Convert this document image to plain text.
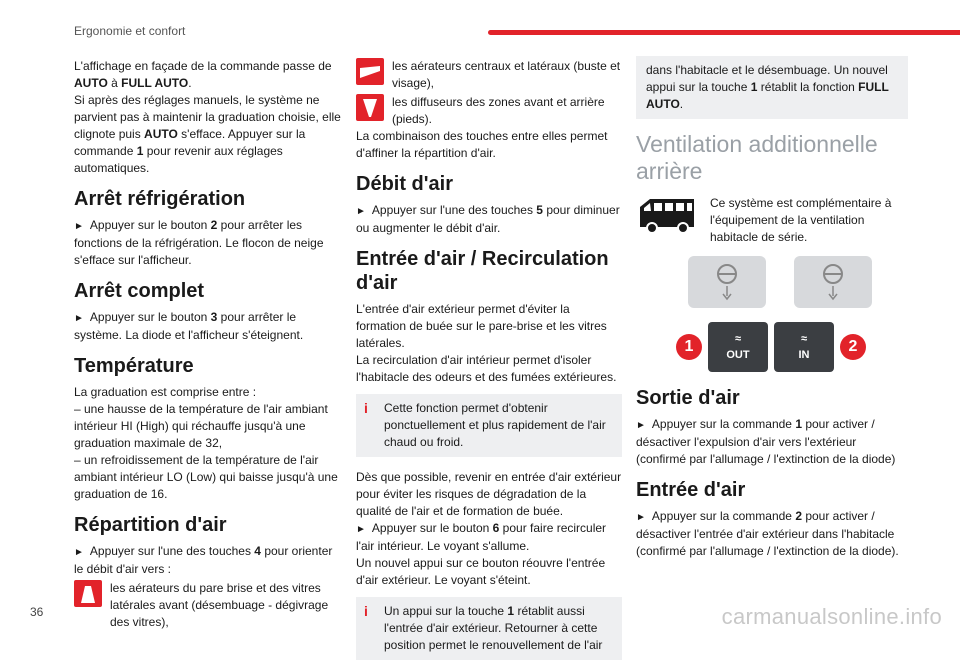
Ergonomie et confort

L'affichage en façade de la commande passe de AUTO à FULL AUTO.
Si après des réglages manuels, le système ne parvient pas à maintenir la graduation choisie, elle clignote puis AUTO s'efface. Appuyer sur la commande 1 pour revenir aux réglages automatiques.

Arrêt réfrigération

► Appuyer sur le bouton 2 pour arrêter les fonctions de la réfrigération. Le flocon de neige s'efface sur l'afficheur.

Arrêt complet

► Appuyer sur le bouton 3 pour arrêter le système. La diode et l'afficheur s'éteignent.

Température

La graduation est comprise entre :
– une hausse de la température de l'air ambiant intérieur HI (High) qui réchauffe jusqu'à une graduation maximale de 32,
– un refroidissement de la température de l'air ambiant intérieur LO (Low) qui baisse jusqu'à une graduation de 16.

Répartition d'air

► Appuyer sur l'une des touches 4 pour orienter le débit d'air vers :

les aérateurs du pare brise et des vitres latérales avant (désembuage - dégivrage des vitres),

les aérateurs centraux et latéraux (buste et visage),

les diffuseurs des zones avant et arrière (pieds).

La combinaison des touches entre elles permet d'affiner la répartition d'air.

Débit d'air

► Appuyer sur l'une des touches 5 pour diminuer ou augmenter le débit d'air.

Entrée d'air / Recirculation d'air

L'entrée d'air extérieur permet d'éviter la formation de buée sur le pare-brise et les vitres latérales.
La recirculation d'air intérieur permet d'isoler l'habitacle des odeurs et des fumées extérieures.

i	Cette fonction permet d'obtenir ponctuellement et plus rapidement de l'air chaud ou froid.

Dès que possible, revenir en entrée d'air extérieur pour éviter les risques de dégradation de la qualité de l'air et de formation de buée.
► Appuyer sur le bouton 6 pour faire recirculer l'air intérieur. Le voyant s'allume.
Un nouvel appui sur ce bouton réouvre l'entrée d'air extérieur. Le voyant s'éteint.

i	Un appui sur la touche 1 rétablit aussi l'entrée d'air extérieur. Retourner à cette position permet le renouvellement de l'air
dans l'habitacle et le désembuage. Un nouvel appui sur la touche 1 rétablit la fonction FULL AUTO.
Ventilation additionnelle arrière

Ce système est complémentaire à l'équipement de la ventilation habitacle de série.

1	≈
OUT
≈
IN	2
Sortie d'air

► Appuyer sur la commande 1 pour activer / désactiver l'expulsion d'air vers l'extérieur (confirmé par l'allumage / l'extinction de la diode)

Entrée d'air

► Appuyer sur la commande 2 pour activer / désactiver l'entrée d'air extérieur dans l'habitacle (confirmé par l'allumage / l'extinction de la diode).

36	carmanualsonline.info
